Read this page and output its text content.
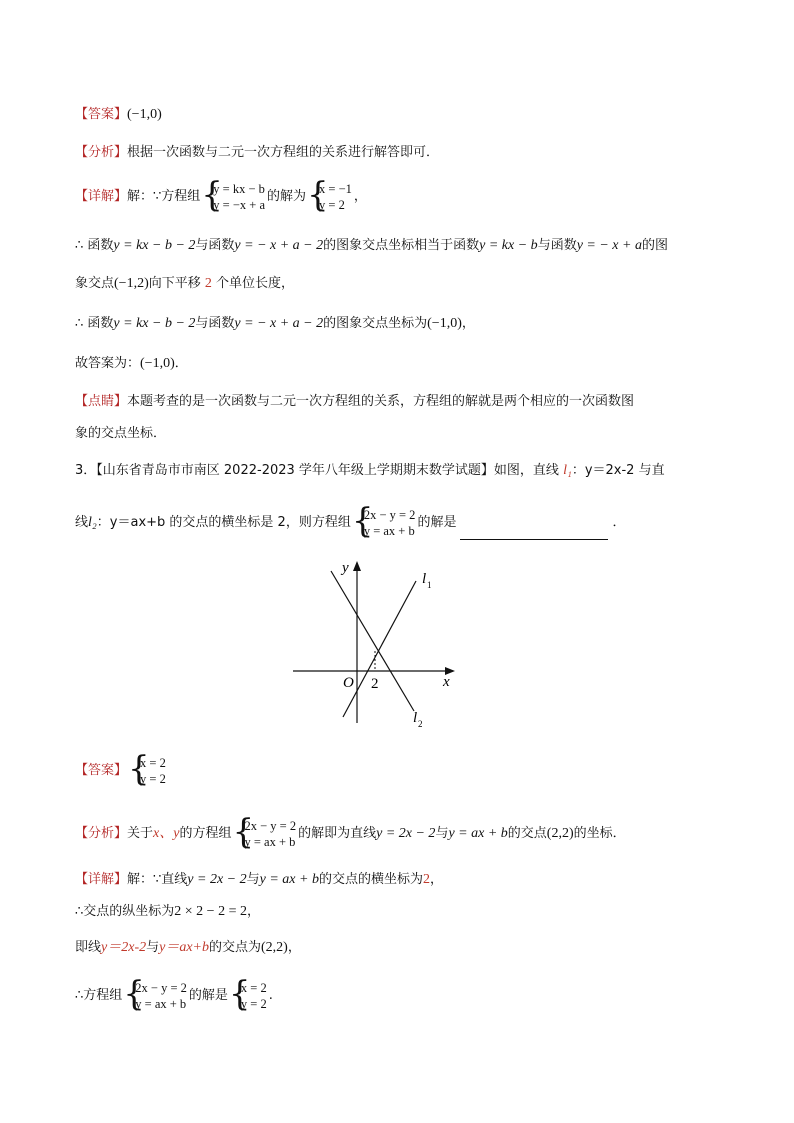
【答案】(−1,0)
【分析】根据一次函数与二元一次方程组的关系进行解答即可．
【详解】解：∵方程组
{ y = kx − b
y = −x + a
的解为
{ x = −1
y = 2
，
∴ 函数y = kx − b − 2与函数y = − x + a − 2的图象交点坐标相当于函数y = kx − b与函数y = − x + a的图
象交点(−1,2)向下平移 2 个单位长度，
∴ 函数y = kx − b − 2与函数y = − x + a − 2的图象交点坐标为(−1,0)，
故答案为：(−1,0)．
【点睛】本题考查的是一次函数与二元一次方程组的关系，方程组的解就是两个相应的一次函数图
象的交点坐标．
3．【山东省青岛市市南区 2022-2023 学年八年级上学期期末数学试题】如图，直线 l₁：y＝2x-2 与直
线l₂：y＝ax+b 的交点的横坐标是 2，则方程组
{ 2x − y = 2
y = ax + b
的解是	．
y
x
O 2
l 1
l 2
【答案】
{ x = 2
y = 2
【分析】关于x、y的方程组
{ 2x − y = 2
y = ax + b
的解即为直线y = 2x − 2与y = ax + b的交点(2,2)的坐标．
【详解】解：∵直线y = 2x − 2与y = ax + b的交点的横坐标为2，
∴交点的纵坐标为2 × 2 − 2 = 2，
即线y＝2x-2与y＝ax+b的交点为(2,2)，
∴方程组
{ 2x − y = 2
y = ax + b
的解是
{ x = 2
y = 2
.
